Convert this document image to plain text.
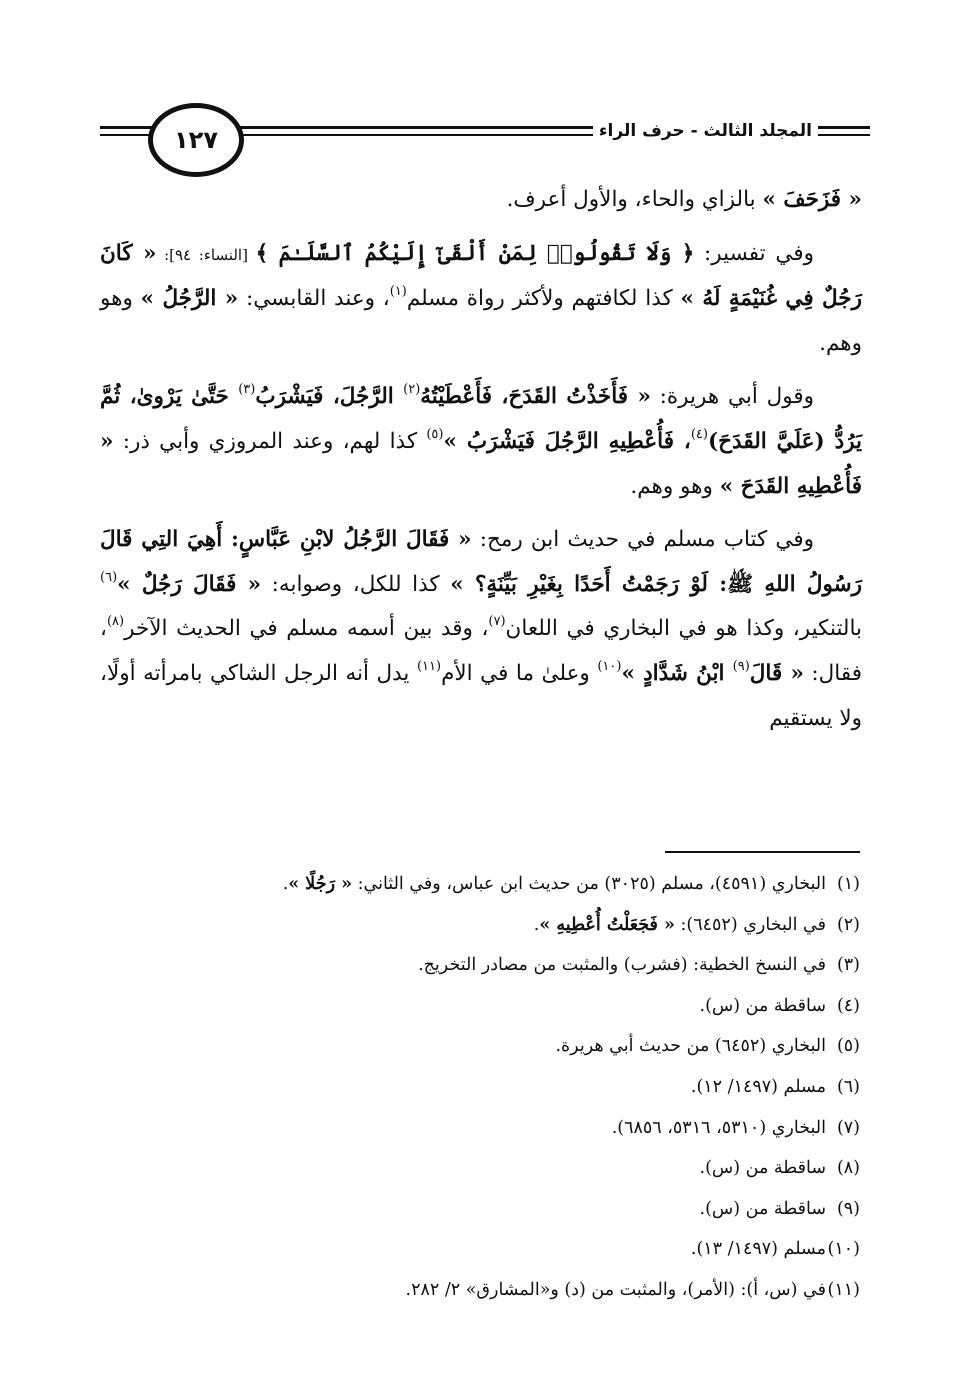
المجلد الثالث - حرف الراء
١٢٧

« فَزَحَفَ » بالزاي والحاء، والأول أعرف.

وفي تفسير: ﴿ وَلَا تَقُولُوا۟ لِمَنْ أَلْقَىٰٓ إِلَيْكُمُ ٱلسَّلَـٰمَ ﴾ [النساء: ٩٤]: « كَانَ رَجُلٌ فِي غُنَيْمَةٍ لَهُ » كذا لكافتهم ولأكثر رواة مسلم$^{(١)}$، وعند القابسي: « الرَّجُلُ » وهو وهم.

وقول أبي هريرة: « فَأَخَذْتُ القَدَحَ، فَأَعْطَيْتُهُ$^{(٢)}$ الرَّجُلَ، فَيَشْرَبُ$^{(٣)}$ حَتَّىٰ يَرْوىٰ، ثُمَّ يَرُدُّ (عَلَيَّ القَدَحَ)$^{(٤)}$، فَأُعْطِيهِ الرَّجُلَ فَيَشْرَبُ »$^{(٥)}$ كذا لهم، وعند المروزي وأبي ذر: « فَأُعْطِيهِ القَدَحَ » وهو وهم.

وفي كتاب مسلم في حديث ابن رمح: « فَقَالَ الرَّجُلُ لابْنِ عَبَّاسٍ: أَهِيَ التِي قَالَ رَسُولُ اللهِ ﷺ: لَوْ رَجَمْتُ أَحَدًا بِغَيْرِ بَيِّنَةٍ؟ » كذا للكل، وصوابه: « فَقَالَ رَجُلٌ »$^{(٦)}$ بالتنكير، وكذا هو في البخاري في اللعان$^{(٧)}$، وقد بين أسمه مسلم في الحديث الآخر$^{(٨)}$، فقال: « قَالَ$^{(٩)}$ ابْنُ شَدَّادٍ »$^{(١٠)}$ وعلىٰ ما في الأم$^{(١١)}$ يدل أنه الرجل الشاكي بامرأته أولًا، ولا يستقيم

(١)البخاري (٤٥٩١)، مسلم (٣٠٢٥) من حديث ابن عباس، وفي الثاني: « رَجُلًا ».
(٢)في البخاري (٦٤٥٢): « فَجَعَلْتُ أُعْطِيهِ ».
(٣)في النسخ الخطية: (فشرب) والمثبت من مصادر التخريج.
(٤)ساقطة من (س).
(٥)البخاري (٦٤٥٢) من حديث أبي هريرة.
(٦)مسلم (١٤٩٧/ ١٢).
(٧)البخاري (٥٣١٠، ٥٣١٦، ٦٨٥٦).
(٨)ساقطة من (س).
(٩)ساقطة من (س).
(١٠)مسلم (١٤٩٧/ ١٣).
(١١)في (س، أ): (الأمر)، والمثبت من (د) و«المشارق» ٢/ ٢٨٢.
